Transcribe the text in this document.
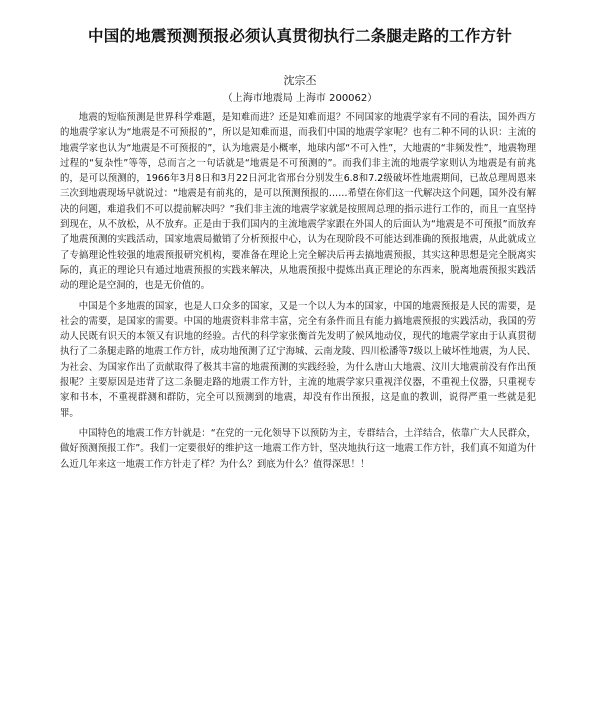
中国的地震预测预报必须认真贯彻执行二条腿走路的工作方针
沈宗丕
（上海市地震局 上海市 200062）

地震的短临预测是世界科学难题，是知难而进？还是知难而退？不同国家的地震学家有不同的看法，国外西方的地震学家认为“地震是不可预报的”，所以是知难而退，而我们中国的地震学家呢？也有二种不同的认识：主流的地震学家也认为“地震是不可预报的”，认为地震是小概率，地球内部“不可入性”，大地震的“非频发性”，地震物理过程的“复杂性”等等，总而言之一句话就是“地震是不可预测的”。而我们非主流的地震学家则认为地震是有前兆的，是可以预测的，1966年3月8日和3月22日河北省邢台分别发生6.8和7.2级破坏性地震期间，已故总理周恩来三次到地震现场早就说过：“地震是有前兆的，是可以预测预报的……希望在你们这一代解决这个问题，国外没有解决的问题，难道我们不可以提前解决吗？”我们非主流的地震学家就是按照周总理的指示进行工作的，而且一直坚持到现在，从不放松，从不放弃。正是由于我们国内的主流地震学家跟在外国人的后面认为“地震是不可预报”而放弃了地震预测的实践活动，国家地震局撤销了分析预报中心，认为在现阶段不可能达到准确的预报地震，从此就成立了专搞理论性较强的地震预报研究机构，要准备在理论上完全解决后再去搞地震预报，其实这种思想是完全脱离实际的，真正的理论只有通过地震预报的实践来解决，从地震预报中提炼出真正理论的东西来，脱离地震预报实践活动的理论是空洞的，也是无价值的。

中国是个多地震的国家，也是人口众多的国家，又是一个以人为本的国家，中国的地震预报是人民的需要，是社会的需要，是国家的需要。中国的地震资料非常丰富，完全有条件而且有能力搞地震预报的实践活动，我国的劳动人民既有识天的本领又有识地的经验。古代的科学家张衡首先发明了候风地动仪，现代的地震学家由于认真贯彻执行了二条腿走路的地震工作方针，成功地预测了辽宁海城、云南龙陵、四川松潘等7级以上破坏性地震，为人民、为社会、为国家作出了贡献取得了极其丰富的地震预测的实践经验，为什么唐山大地震、汶川大地震前没有作出预报呢？主要原因是违背了这二条腿走路的地震工作方针，主流的地震学家只重视洋仪器，不重视土仪器，只重视专家和书本，不重视群测和群防，完全可以预测到的地震，却没有作出预报，这是血的教训，说得严重一些就是犯罪。

中国特色的地震工作方针就是：“在党的一元化领导下以预防为主，专群结合，土洋结合，依靠广大人民群众，做好预测预报工作”。我们一定要很好的维护这一地震工作方针，坚决地执行这一地震工作方针，我们真不知道为什么近几年来这一地震工作方针走了样？为什么？到底为什么？值得深思！！
